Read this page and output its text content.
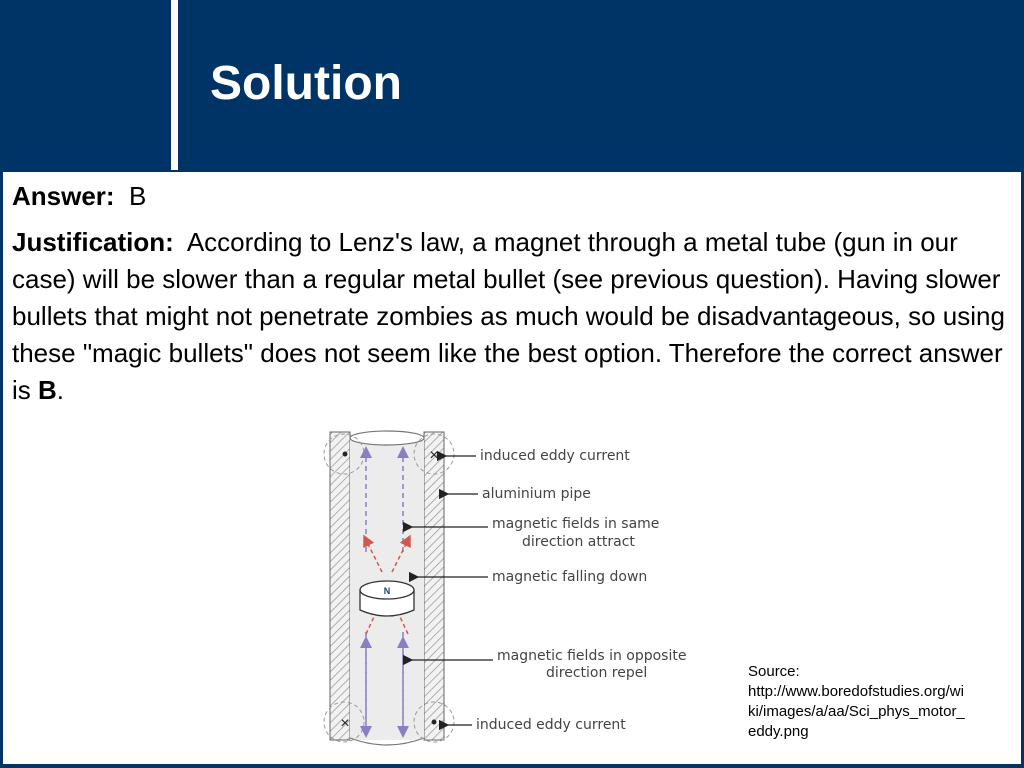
Solution
Answer: B

Justification: According to Lenz's law, a magnet through a metal tube (gun in our case) will be slower than a regular metal bullet (see previous question). Having slower bullets that might not penetrate zombies as much would be disadvantageous, so using these "magic bullets" does not seem like the best option. Therefore the correct answer is B.

•	×
×	•
N
induced eddy current
aluminium pipe
magnetic fields in same
direction attract
magnetic falling down
magnetic fields in opposite
direction repel
induced eddy current
Source:
http://www.boredofstudies.org/wiki/images/a/aa/Sci_phys_motor_eddy.png
